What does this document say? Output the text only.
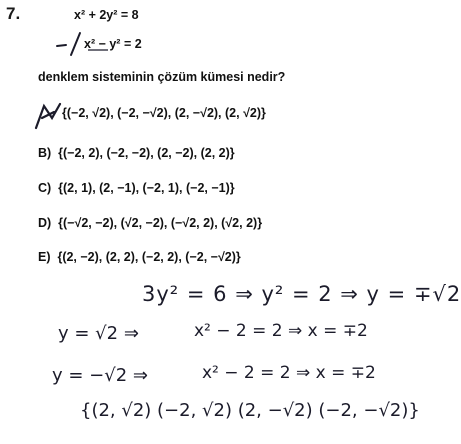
7.	x² + 2y² = 8
x² − y² = 2
denklem sisteminin çözüm kümesi nedir?
{(−2, √2), (−2, −√2), (2, −√2), (2, √2)}
B) {(−2, 2), (−2, −2), (2, −2), (2, 2)}
C) {(2, 1), (2, −1), (−2, 1), (−2, −1)}
D) {(−√2, −2), (√2, −2), (−√2, 2), (√2, 2)}
E) {(2, −2), (2, 2), (−2, 2), (−2, −√2)}
3y² = 6 ⇒ y² = 2 ⇒ y = ∓√2
y = √2 ⇒	x² − 2 = 2 ⇒ x = ∓2
y = −√2 ⇒	x² − 2 = 2 ⇒ x = ∓2
{(2, √2) (−2, √2) (2, −√2) (−2, −√2)}
